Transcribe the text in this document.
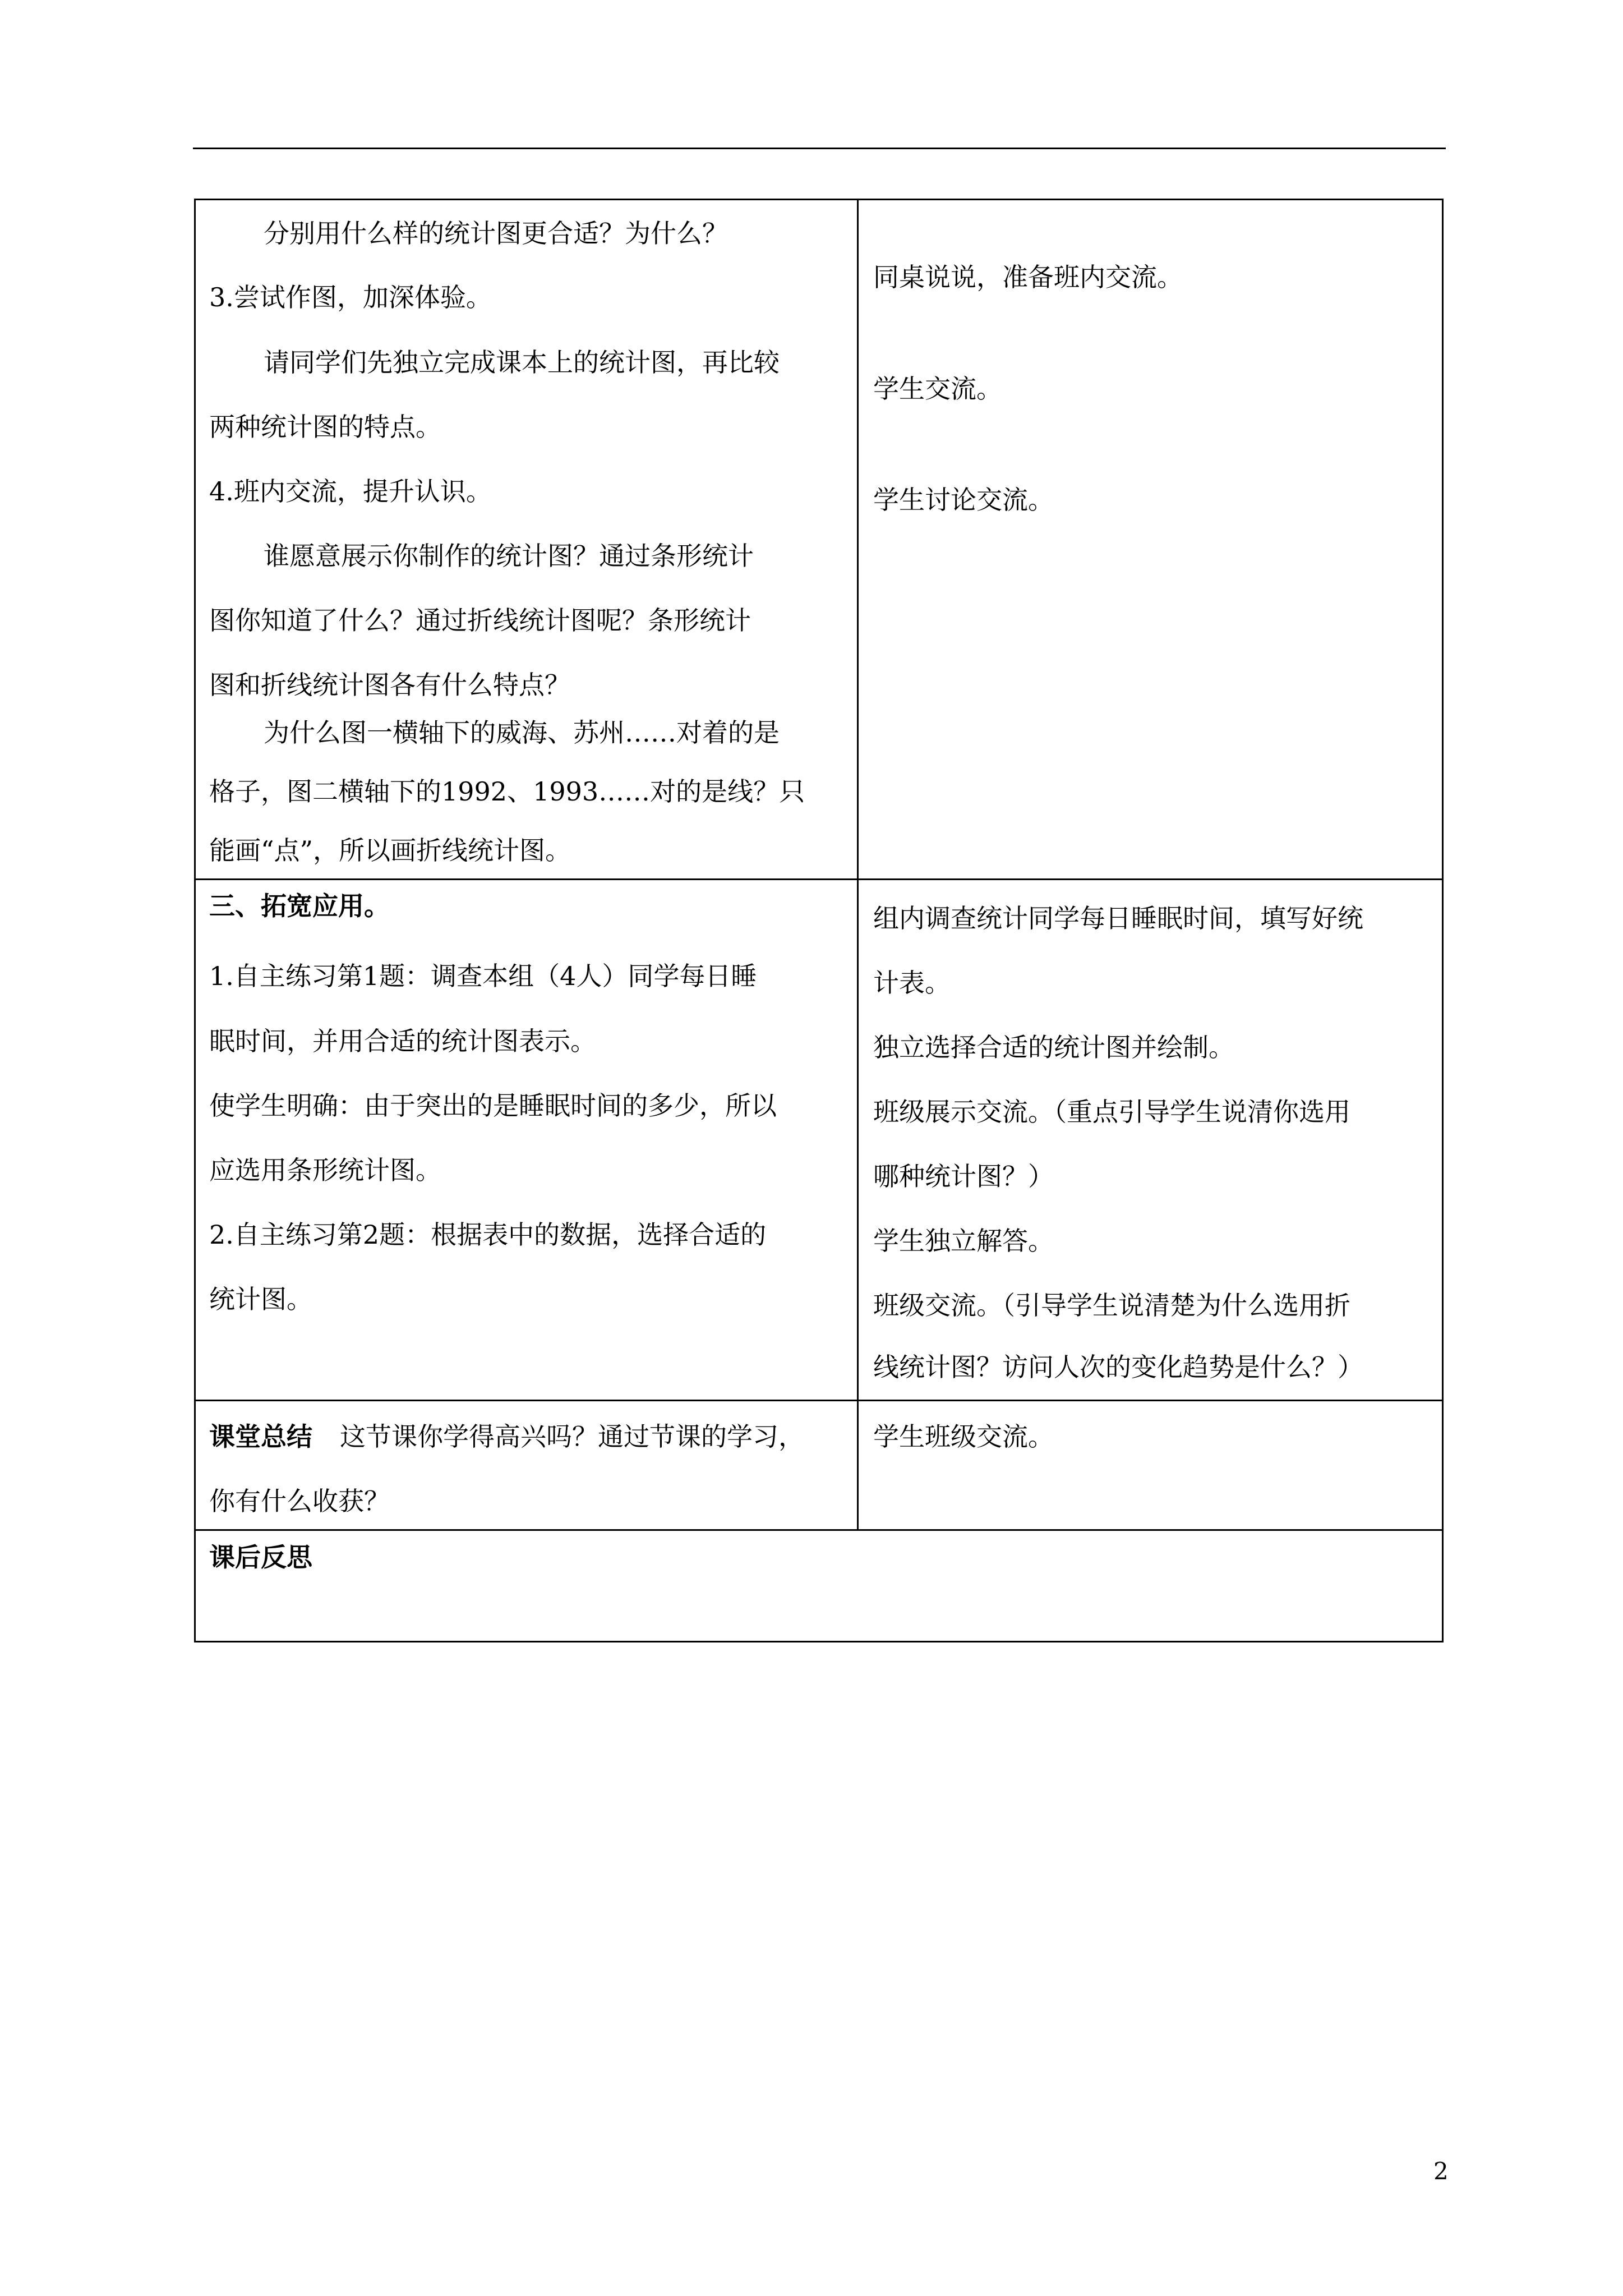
分别用什么样的统计图更合适？为什么？
3.尝试作图，加深体验。
请同学们先独立完成课本上的统计图，再比较
两种统计图的特点。
4.班内交流，提升认识。
谁愿意展示你制作的统计图？通过条形统计
图你知道了什么？通过折线统计图呢？条形统计
图和折线统计图各有什么特点？
为什么图一横轴下的威海、苏州……对着的是
格子，图二横轴下的1992、1993……对的是线？只
能画“点”，所以画折线统计图。
同桌说说，准备班内交流。
学生交流。
学生讨论交流。
三、拓宽应用。
1.自主练习第1题：调查本组（4人）同学每日睡
眠时间，并用合适的统计图表示。
使学生明确：由于突出的是睡眠时间的多少，所以
应选用条形统计图。
2.自主练习第2题：根据表中的数据，选择合适的
统计图。
组内调查统计同学每日睡眠时间，填写好统
计表。
独立选择合适的统计图并绘制。
班级展示交流。（重点引导学生说清你选用
哪种统计图？）
学生独立解答。
班级交流。（引导学生说清楚为什么选用折
线统计图？访问人次的变化趋势是什么？）
课堂总结 这节课你学得高兴吗？通过节课的学习，
你有什么收获？
学生班级交流。
课后反思
2
